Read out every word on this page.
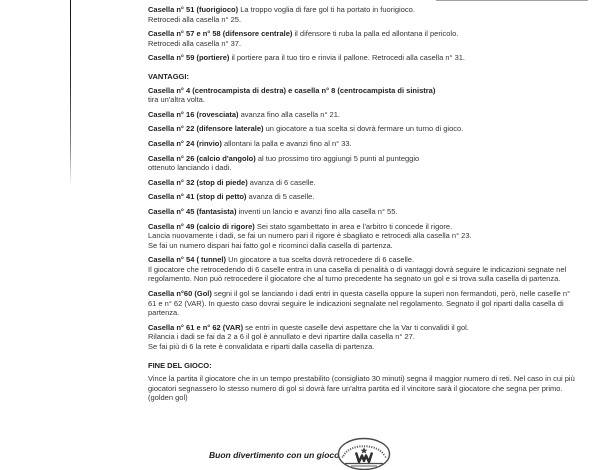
Casella n° 51 (fuorigioco) La troppo voglia di fare gol ti ha portato in fuorigioco.
Retrocedi alla casella n° 25.

Casella n° 57 e n° 58 (difensore centrale) il difensore ti ruba la palla ed allontana il pericolo.
Retrocedi alla casella n° 37.

Casella n° 59 (portiere) il portiere para il tuo tiro e rinvia il pallone. Retrocedi alla casella n° 31.

VANTAGGI:

Casella n° 4 (centrocampista di destra) e casella n° 8 (centrocampista di sinistra)
tira un'altra volta.

Casella n° 16 (rovesciata) avanza fino alla casella n° 21.

Casella n° 22 (difensore laterale) un giocatore a tua scelta si dovrà fermare un turno di gioco.

Casella n° 24 (rinvio) allontani la palla e avanzi fino al n° 33.

Casella n° 26 (calcio d'angolo) al tuo prossimo tiro aggiungi 5 punti al punteggio
ottenuto lanciando i dadi.

Casella n° 32 (stop di piede) avanza di 6 caselle.

Casella n° 41 (stop di petto) avanza di 5 caselle.

Casella n° 45 (fantasista) inventi un lancio e avanzi fino alla casella n° 55.

Casella n° 49 (calcio di rigore) Sei stato sgambettato in area e l'arbitro ti concede il rigore.
Lancia nuovamente i dadi, se fai un numero pari il rigore è sbagliato e retrocedi alla casella n° 23.
Se fai un numero dispari hai fatto gol e ricominci dalla casella di partenza.

Casella n° 54 ( tunnel) Un giocatore a tua scelta dovrà retrocedere di 6 caselle.
Il giocatore che retrocedendo di 6 caselle entra in una casella di penalità o di vantaggi dovrà seguire le indicazioni segnate nel regolamento. Non può retrocedere il giocatore che al turno precedente ha segnato un gol e si trova sulla casella di partenza.

Casella n°60 (Gol) segni il gol se lanciando i dadi entri in questa casella oppure la superi non fermandoti, però, nelle caselle n° 61 e n° 62 (VAR). In questo caso dovrai seguire le indicazioni segnalate nel regolamento. Segnato il gol riparti dalla casella di partenza.

Casella n° 61 e n° 62 (VAR) se entri in queste caselle devi aspettare che la Var ti convalidi il gol.
Rilancia i dadi se fai da 2 a 6 il gol è annullato e devi ripartire dalla casella n° 27.
Se fai più di 6 la rete è convalidata e riparti dalla casella di partenza.

FINE DEL GIOCO:

Vince la partita il giocatore che in un tempo prestabilito (consigliato 30 minuti) segna il maggior numero di reti. Nel caso in cui più giocatori segnassero lo stesso numero di gol si dovrà fare un'altra partita ed il vincitore sarà il giocatore che segna per primo. (golden gol)

Buon divertimento con un gioco
